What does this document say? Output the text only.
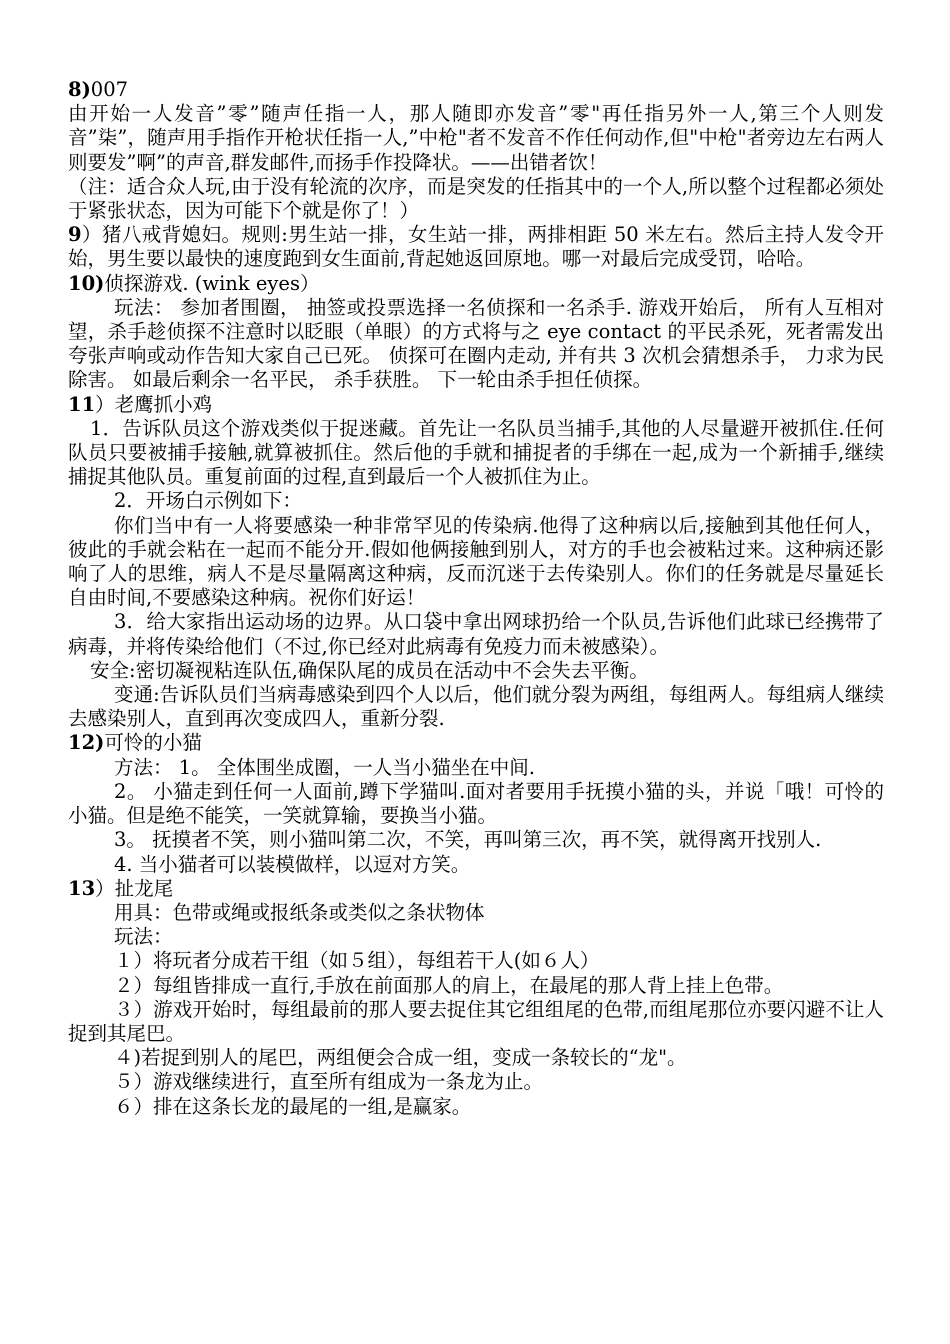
8)007

由开始一人发音”零”随声任指一人，那人随即亦发音”零"再任指另外一人,第三个人则发音”柒”，随声用手指作开枪状任指一人,”中枪"者不发音不作任何动作,但"中枪"者旁边左右两人则要发”啊”的声音,群发邮件,而扬手作投降状。——出错者饮！

（注：适合众人玩,由于没有轮流的次序，而是突发的任指其中的一个人,所以整个过程都必须处于紧张状态，因为可能下个就是你了！）

9）猪八戒背媳妇。规则:男生站一排，女生站一排，两排相距 50 米左右。然后主持人发令开始，男生要以最快的速度跑到女生面前,背起她返回原地。哪一对最后完成受罚，哈哈。

10)侦探游戏. (wink eyes）

玩法： 参加者围圈， 抽签或投票选择一名侦探和一名杀手. 游戏开始后， 所有人互相对望，杀手趁侦探不注意时以眨眼（单眼）的方式将与之 eye contact 的平民杀死，死者需发出夸张声响或动作告知大家自己已死。 侦探可在圈内走动, 并有共 3 次机会猜想杀手， 力求为民除害。 如最后剩余一名平民， 杀手获胜。 下一轮由杀手担任侦探。

11）老鹰抓小鸡

1．告诉队员这个游戏类似于捉迷藏。首先让一名队员当捕手,其他的人尽量避开被抓住.任何队员只要被捕手接触,就算被抓住。然后他的手就和捕捉者的手绑在一起,成为一个新捕手,继续捕捉其他队员。重复前面的过程,直到最后一个人被抓住为止。

2．开场白示例如下：

你们当中有一人将要感染一种非常罕见的传染病.他得了这种病以后,接触到其他任何人，彼此的手就会粘在一起而不能分开.假如他俩接触到别人，对方的手也会被粘过来。这种病还影响了人的思维，病人不是尽量隔离这种病，反而沉迷于去传染别人。你们的任务就是尽量延长自由时间,不要感染这种病。祝你们好运！

3．给大家指出运动场的边界。从口袋中拿出网球扔给一个队员,告诉他们此球已经携带了病毒，并将传染给他们（不过,你已经对此病毒有免疫力而未被感染）。

安全:密切凝视粘连队伍,确保队尾的成员在活动中不会失去平衡。

变通:告诉队员们当病毒感染到四个人以后，他们就分裂为两组，每组两人。每组病人继续去感染别人，直到再次变成四人，重新分裂.

12)可怜的小猫

方法： 1。 全体围坐成圈，一人当小猫坐在中间.

2。 小猫走到任何一人面前,蹲下学猫叫.面对者要用手抚摸小猫的头，并说「哦！可怜的小猫。但是绝不能笑，一笑就算输，要换当小猫。

3。 抚摸者不笑，则小猫叫第二次，不笑，再叫第三次，再不笑，就得离开找别人.

4. 当小猫者可以装模做样，以逗对方笑。

13）扯龙尾

用具：色带或绳或报纸条或类似之条状物体

玩法：

１）将玩者分成若干组（如５组），每组若干人(如６人）

２）每组皆排成一直行,手放在前面那人的肩上，在最尾的那人背上挂上色带。

３）游戏开始时，每组最前的那人要去捉住其它组组尾的色带,而组尾那位亦要闪避不让人捉到其尾巴。

４)若捉到别人的尾巴，两组便会合成一组，变成一条较长的“龙"。

５）游戏继续进行，直至所有组成为一条龙为止。

６）排在这条长龙的最尾的一组,是赢家。
